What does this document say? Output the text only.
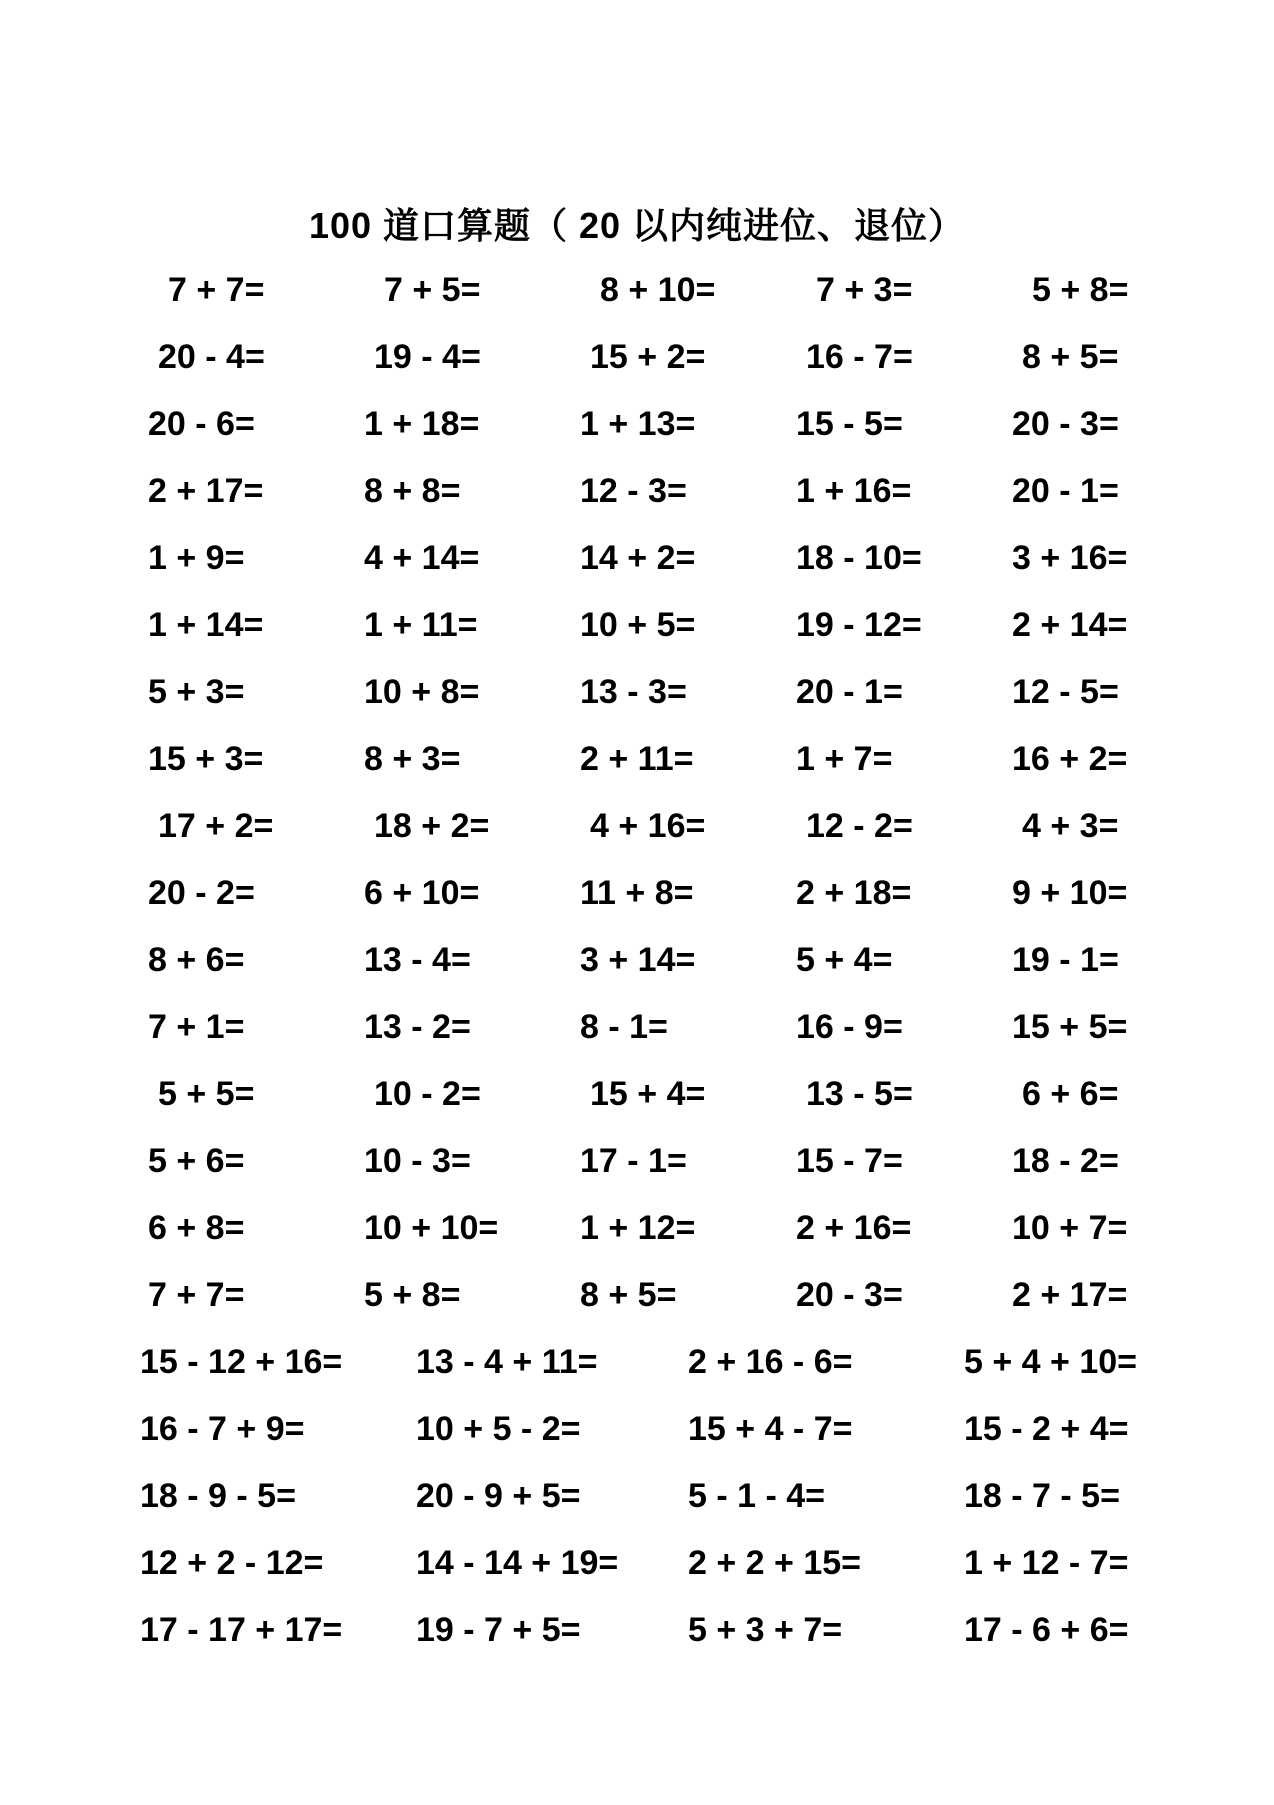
100 道口算题（ 20 以内纯进位、退位）
7 + 7=	7 + 5=	8 + 10=	7 + 3=	5 + 8=
20 - 4=	19 - 4=	15 + 2=	16 - 7=	8 + 5=
20 - 6=	1 + 18=	1 + 13=	15 - 5=	20 - 3=
2 + 17=	8 + 8=	12 - 3=	1 + 16=	20 - 1=
1 + 9=	4 + 14=	14 + 2=	18 - 10=	3 + 16=
1 + 14=	1 + 11=	10 + 5=	19 - 12=	2 + 14=
5 + 3=	10 + 8=	13 - 3=	20 - 1=	12 - 5=
15 + 3=	8 + 3=	2 + 11=	1 + 7=	16 + 2=
17 + 2=	18 + 2=	4 + 16=	12 - 2=	4 + 3=
20 - 2=	6 + 10=	11 + 8=	2 + 18=	9 + 10=
8 + 6=	13 - 4=	3 + 14=	5 + 4=	19 - 1=
7 + 1=	13 - 2=	8 - 1=	16 - 9=	15 + 5=
5 + 5=	10 - 2=	15 + 4=	13 - 5=	6 + 6=
5 + 6=	10 - 3=	17 - 1=	15 - 7=	18 - 2=
6 + 8=	10 + 10= 1 + 12=	2 + 16=	10 + 7=
7 + 7=	5 + 8=	8 + 5=	20 - 3=	2 + 17=
15 - 12 + 16= 13 - 4 + 11=	2 + 16 - 6=	5 + 4 + 10=
16 - 7 + 9=	10 + 5 - 2=	15 + 4 - 7=	15 - 2 + 4=
18 - 9 - 5=	20 - 9 + 5=	5 - 1 - 4=	18 - 7 - 5=
12 + 2 - 12=	14 - 14 + 19= 2 + 2 + 15=	1 + 12 - 7=
17 - 17 + 17= 19 - 7 + 5=	5 + 3 + 7=	17 - 6 + 6=
